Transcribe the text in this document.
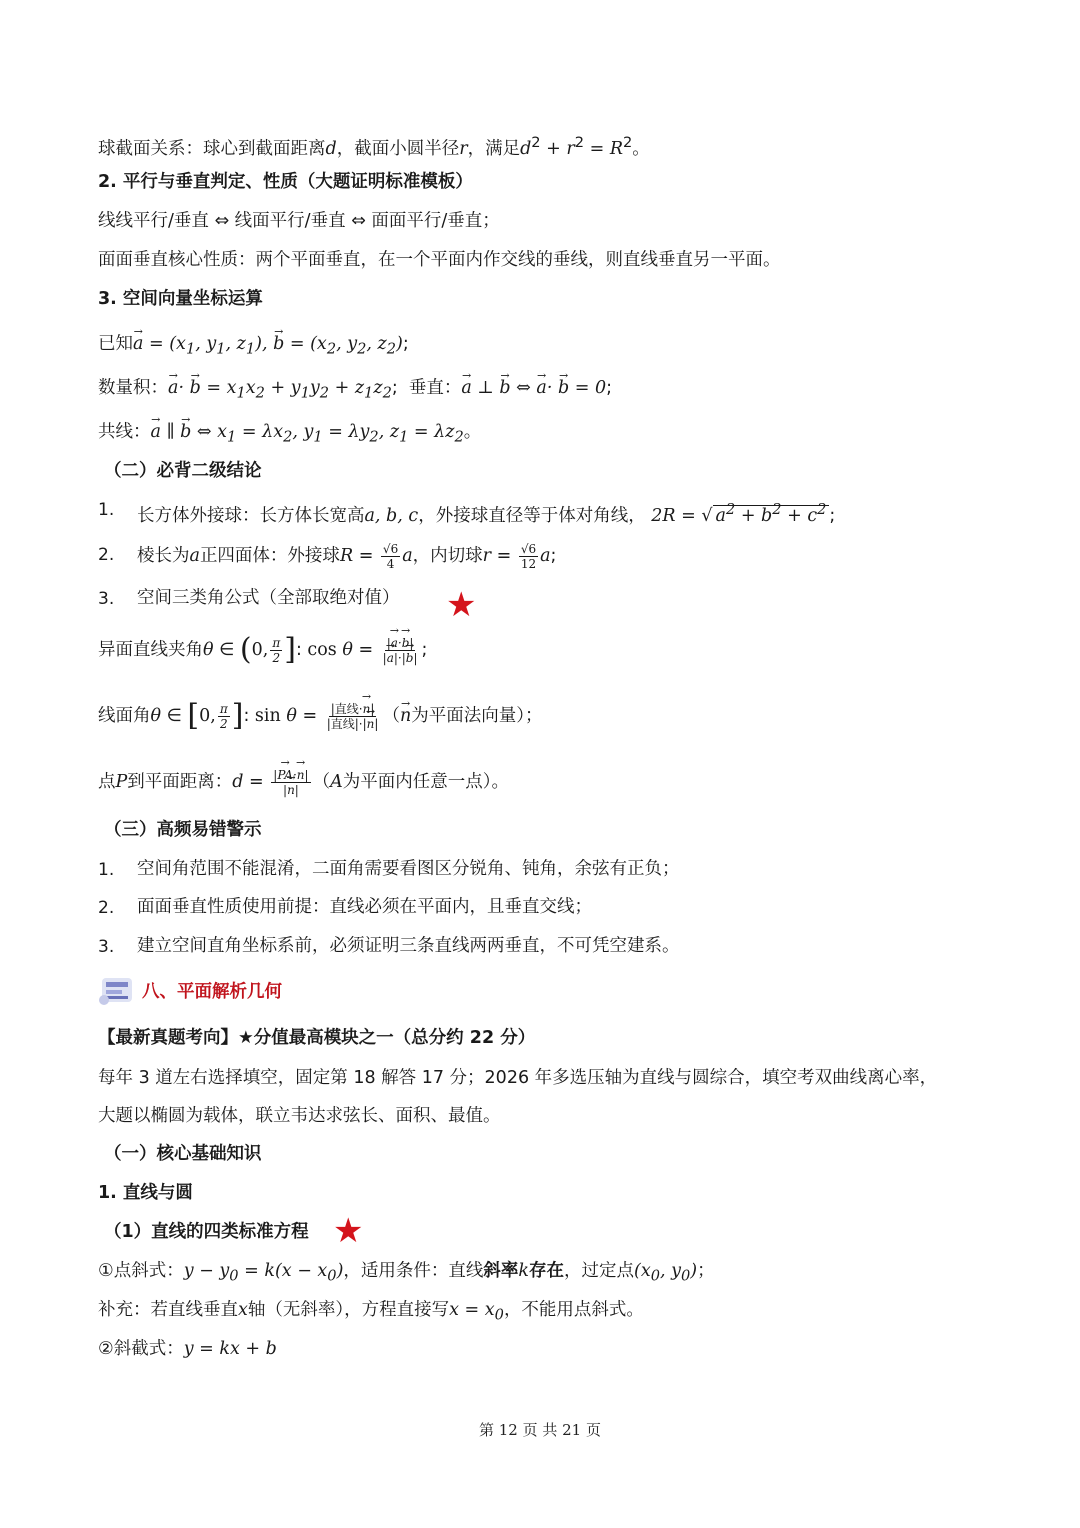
球截面关系：球心到截面距离d，截面小圆半径r，满足$d^2 + r^2 = R^2$。
2. 平行与垂直判定、性质（大题证明标准模板）
线线平行/垂直 ⇔ 线面平行/垂直 ⇔ 面面平行/垂直；
面面垂直核心性质：两个平面垂直，在一个平面内作交线的垂线，则直线垂直另一平面。
3. 空间向量坐标运算
已知→ $a = (x_1$, $y_1$, $z_1$), → $b = (x_2$, $y_2$, $z_2$);
数量积：→ $a\cdot \to b = x_1x_2 + y_1y_2 + z_1z_2$;  垂直：→ a ⊥ → b ⇔ → a· → b = 0;
共线：→ a ∥ → b ⇔ $x_1 = \lambda x_2$, $y_1 = \lambda y_2$, $z_1 = \lambda z_2$。
（二）必背二级结论
1. 长方体外接球：长方体长宽高a, b, c，外接球直径等于体对角线， 2R = √ $a^2 + b^2 + c^2$ ;
2. 棱长为a正四面体：外接球$R = \frac{√6}{4}$ a，内切球$r = \frac{√6}{12} a$;
3. 空间三类角公式（全部取绝对值） ★
异面直线夹角θ ∈ (0, $\frac{\pi}{2}$ ]: $\cos \theta = \frac{|\to a\cdot\to b|}{|\to a|\cdot|\to b|}$ ;
线面角θ ∈ [0, $\frac{\pi}{2}$ ]: $\sin \theta = \frac{\text{|直线·→ n|}}{\text{|直线|·|→ n|}}$ （→ n为平面法向量）；
点P到平面距离：$d = \frac{|\to PA\cdot\to n|}{|\to n|} (A$为平面内任意一点）。
（三）高频易错警示
1. 空间角范围不能混淆，二面角需要看图区分锐角、钝角，余弦有正负；
2. 面面垂直性质使用前提：直线必须在平面内，且垂直交线；
3. 建立空间直角坐标系前，必须证明三条直线两两垂直，不可凭空建系。
八、平面解析几何
【最新真题考向】★分值最高模块之一（总分约 22 分）
每年 3 道左右选择填空，固定第 18 解答 17 分；2026 年多选压轴为直线与圆综合，填空考双曲线离心率，
大题以椭圆为载体，联立韦达求弦长、面积、最值。
（一）核心基础知识
1. 直线与圆
（1）直线的四类标准方程 ★
①点斜式：$y - y_0 = k(x - x_0)$，适用条件：直线斜率k存在，过定点($x_0$, $y_0$)；
补充：若直线垂直x轴（无斜率），方程直接写$x = x_0$，不能用点斜式。
②斜截式：y = kx + b
第 12 页 共 21 页
